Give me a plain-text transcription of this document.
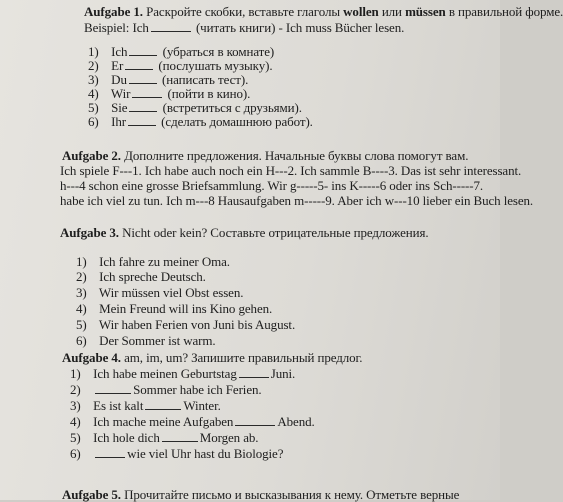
Aufgabe 1. Раскройте скобки, вставьте глаголы wollen или müssen в правильной форме.
Beispiel: Ich	(читать книги) - Ich muss Bücher lesen.
1) Ich	(убраться в комнате)
2) Er	(послушать музыку).
3) Du	(написать тест).
4) Wir	(пойти в кино).
5) Sie	(встретиться с друзьями).
6) Ihr	(сделать домашнюю работ).
Aufgabe 2. Дополните предложения. Начальные буквы слова помогут вам.
Ich spiele F---1. Ich habe auch noch ein H---2. Ich sammle B----3. Das ist sehr interessant.
h---4 schon eine grosse Briefsammlung. Wir g-----5- ins K-----6 oder ins Sch-----7.
habe ich viel zu tun. Ich m---8 Hausaufgaben m-----9. Aber ich w---10 lieber ein Buch lesen.
Aufgabe 3. Nicht oder kein? Составьте отрицательные предложения.
1) Ich fahre zu meiner Oma.
2) Ich spreche Deutsch.
3) Wir müssen viel Obst essen.
4) Mein Freund will ins Kino gehen.
5) Wir haben Ferien von Juni bis August.
6) Der Sommer ist warm.
Aufgabe 4. am, im, um? Запишите правильный предлог.
1) Ich habe meinen Geburtstag	Juni.
2)	Sommer habe ich Ferien.
3) Es ist kalt	Winter.
4) Ich mache meine Aufgaben	Abend.
5) Ich hole dich	Morgen ab.
6)	wie viel Uhr hast du Biologie?
Aufgabe 5. Прочитайте письмо и высказывания к нему. Отметьте верные
